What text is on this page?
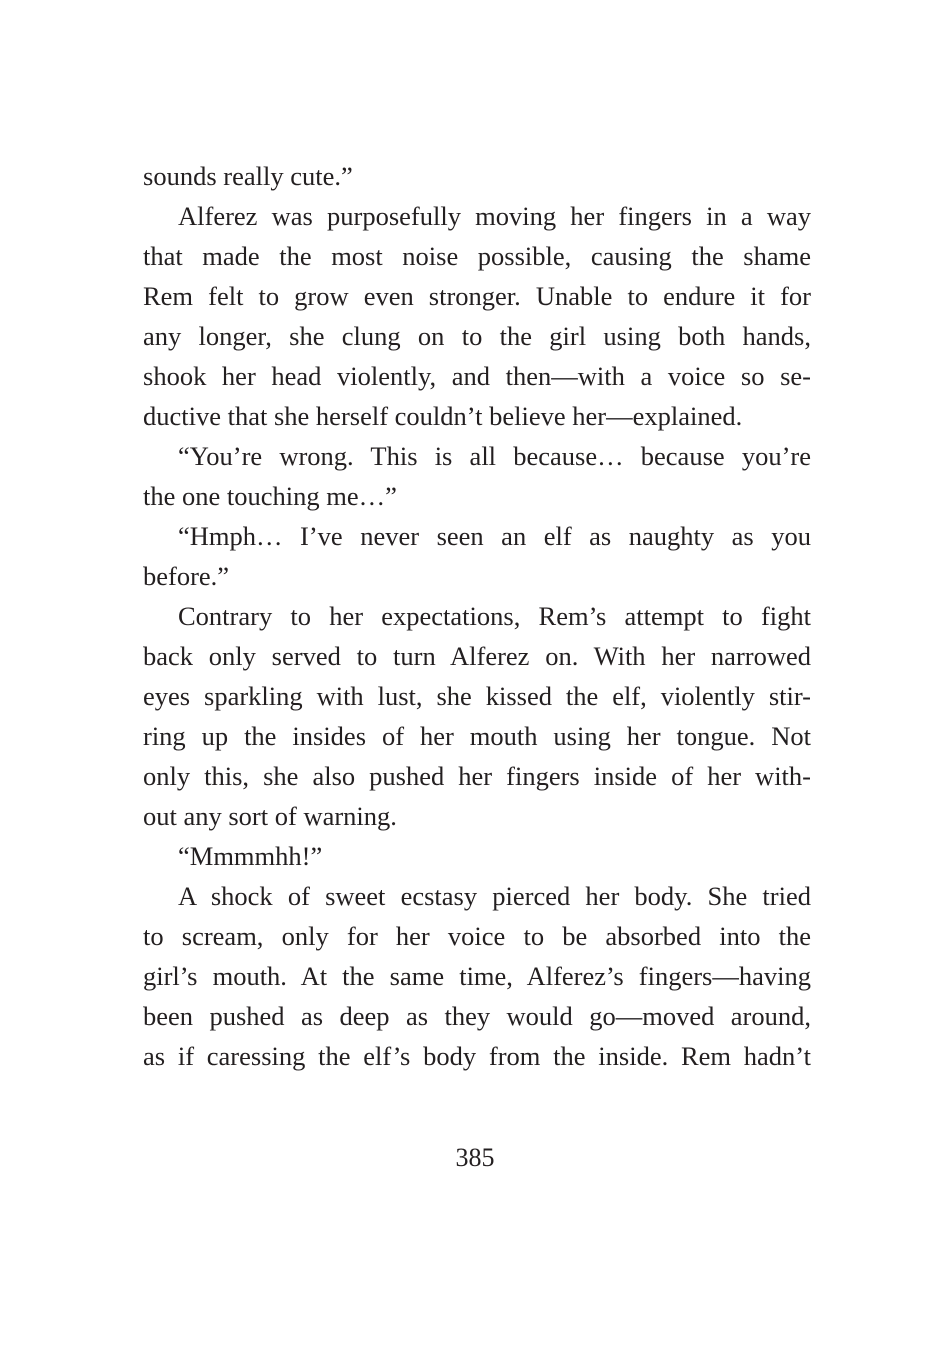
sounds really cute.”
Alferez was purposefully moving her fingers in a way
that made the most noise possible, causing the shame
Rem felt to grow even stronger. Unable to endure it for
any longer, she clung on to the girl using both hands,
shook her head violently, and then—with a voice so se-
ductive that she herself couldn’t believe her—explained.
“You’re wrong. This is all because… because you’re
the one touching me…”
“Hmph… I’ve never seen an elf as naughty as you
before.”
Contrary to her expectations, Rem’s attempt to fight
back only served to turn Alferez on. With her narrowed
eyes sparkling with lust, she kissed the elf, violently stir-
ring up the insides of her mouth using her tongue. Not
only this, she also pushed her fingers inside of her with-
out any sort of warning.
“Mmmmhh!”
A shock of sweet ecstasy pierced her body. She tried
to scream, only for her voice to be absorbed into the
girl’s mouth. At the same time, Alferez’s fingers—having
been pushed as deep as they would go—moved around,
as if caressing the elf’s body from the inside. Rem hadn’t
385
